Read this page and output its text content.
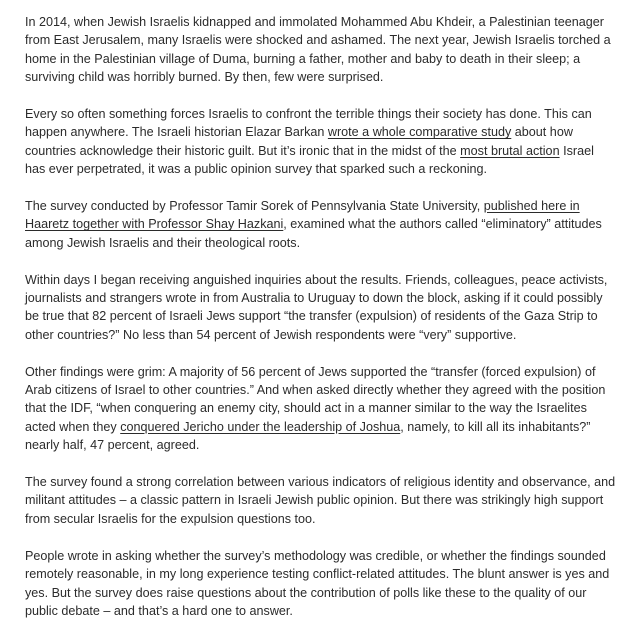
In 2014, when Jewish Israelis kidnapped and immolated Mohammed Abu Khdeir, a Palestinian teenager from East Jerusalem, many Israelis were shocked and ashamed. The next year, Jewish Israelis torched a home in the Palestinian village of Duma, burning a father, mother and baby to death in their sleep; a surviving child was horribly burned. By then, few were surprised.

Every so often something forces Israelis to confront the terrible things their society has done. This can happen anywhere. The Israeli historian Elazar Barkan wrote a whole comparative study about how countries acknowledge their historic guilt. But it’s ironic that in the midst of the most brutal action Israel has ever perpetrated, it was a public opinion survey that sparked such a reckoning.

The survey conducted by Professor Tamir Sorek of Pennsylvania State University, published here in Haaretz together with Professor Shay Hazkani, examined what the authors called “eliminatory” attitudes among Jewish Israelis and their theological roots.

Within days I began receiving anguished inquiries about the results. Friends, colleagues, peace activists, journalists and strangers wrote in from Australia to Uruguay to down the block, asking if it could possibly be true that 82 percent of Israeli Jews support “the transfer (expulsion) of residents of the Gaza Strip to other countries?” No less than 54 percent of Jewish respondents were “very” supportive.

Other findings were grim: A majority of 56 percent of Jews supported the “transfer (forced expulsion) of Arab citizens of Israel to other countries.” And when asked directly whether they agreed with the position that the IDF, “when conquering an enemy city, should act in a manner similar to the way the Israelites acted when they conquered Jericho under the leadership of Joshua, namely, to kill all its inhabitants?” nearly half, 47 percent, agreed.

The survey found a strong correlation between various indicators of religious identity and observance, and militant attitudes – a classic pattern in Israeli Jewish public opinion. But there was strikingly high support from secular Israelis for the expulsion questions too.

People wrote in asking whether the survey’s methodology was credible, or whether the findings sounded remotely reasonable, in my long experience testing conflict-related attitudes. The blunt answer is yes and yes. But the survey does raise questions about the contribution of polls like these to the quality of our public debate – and that’s a hard one to answer.
